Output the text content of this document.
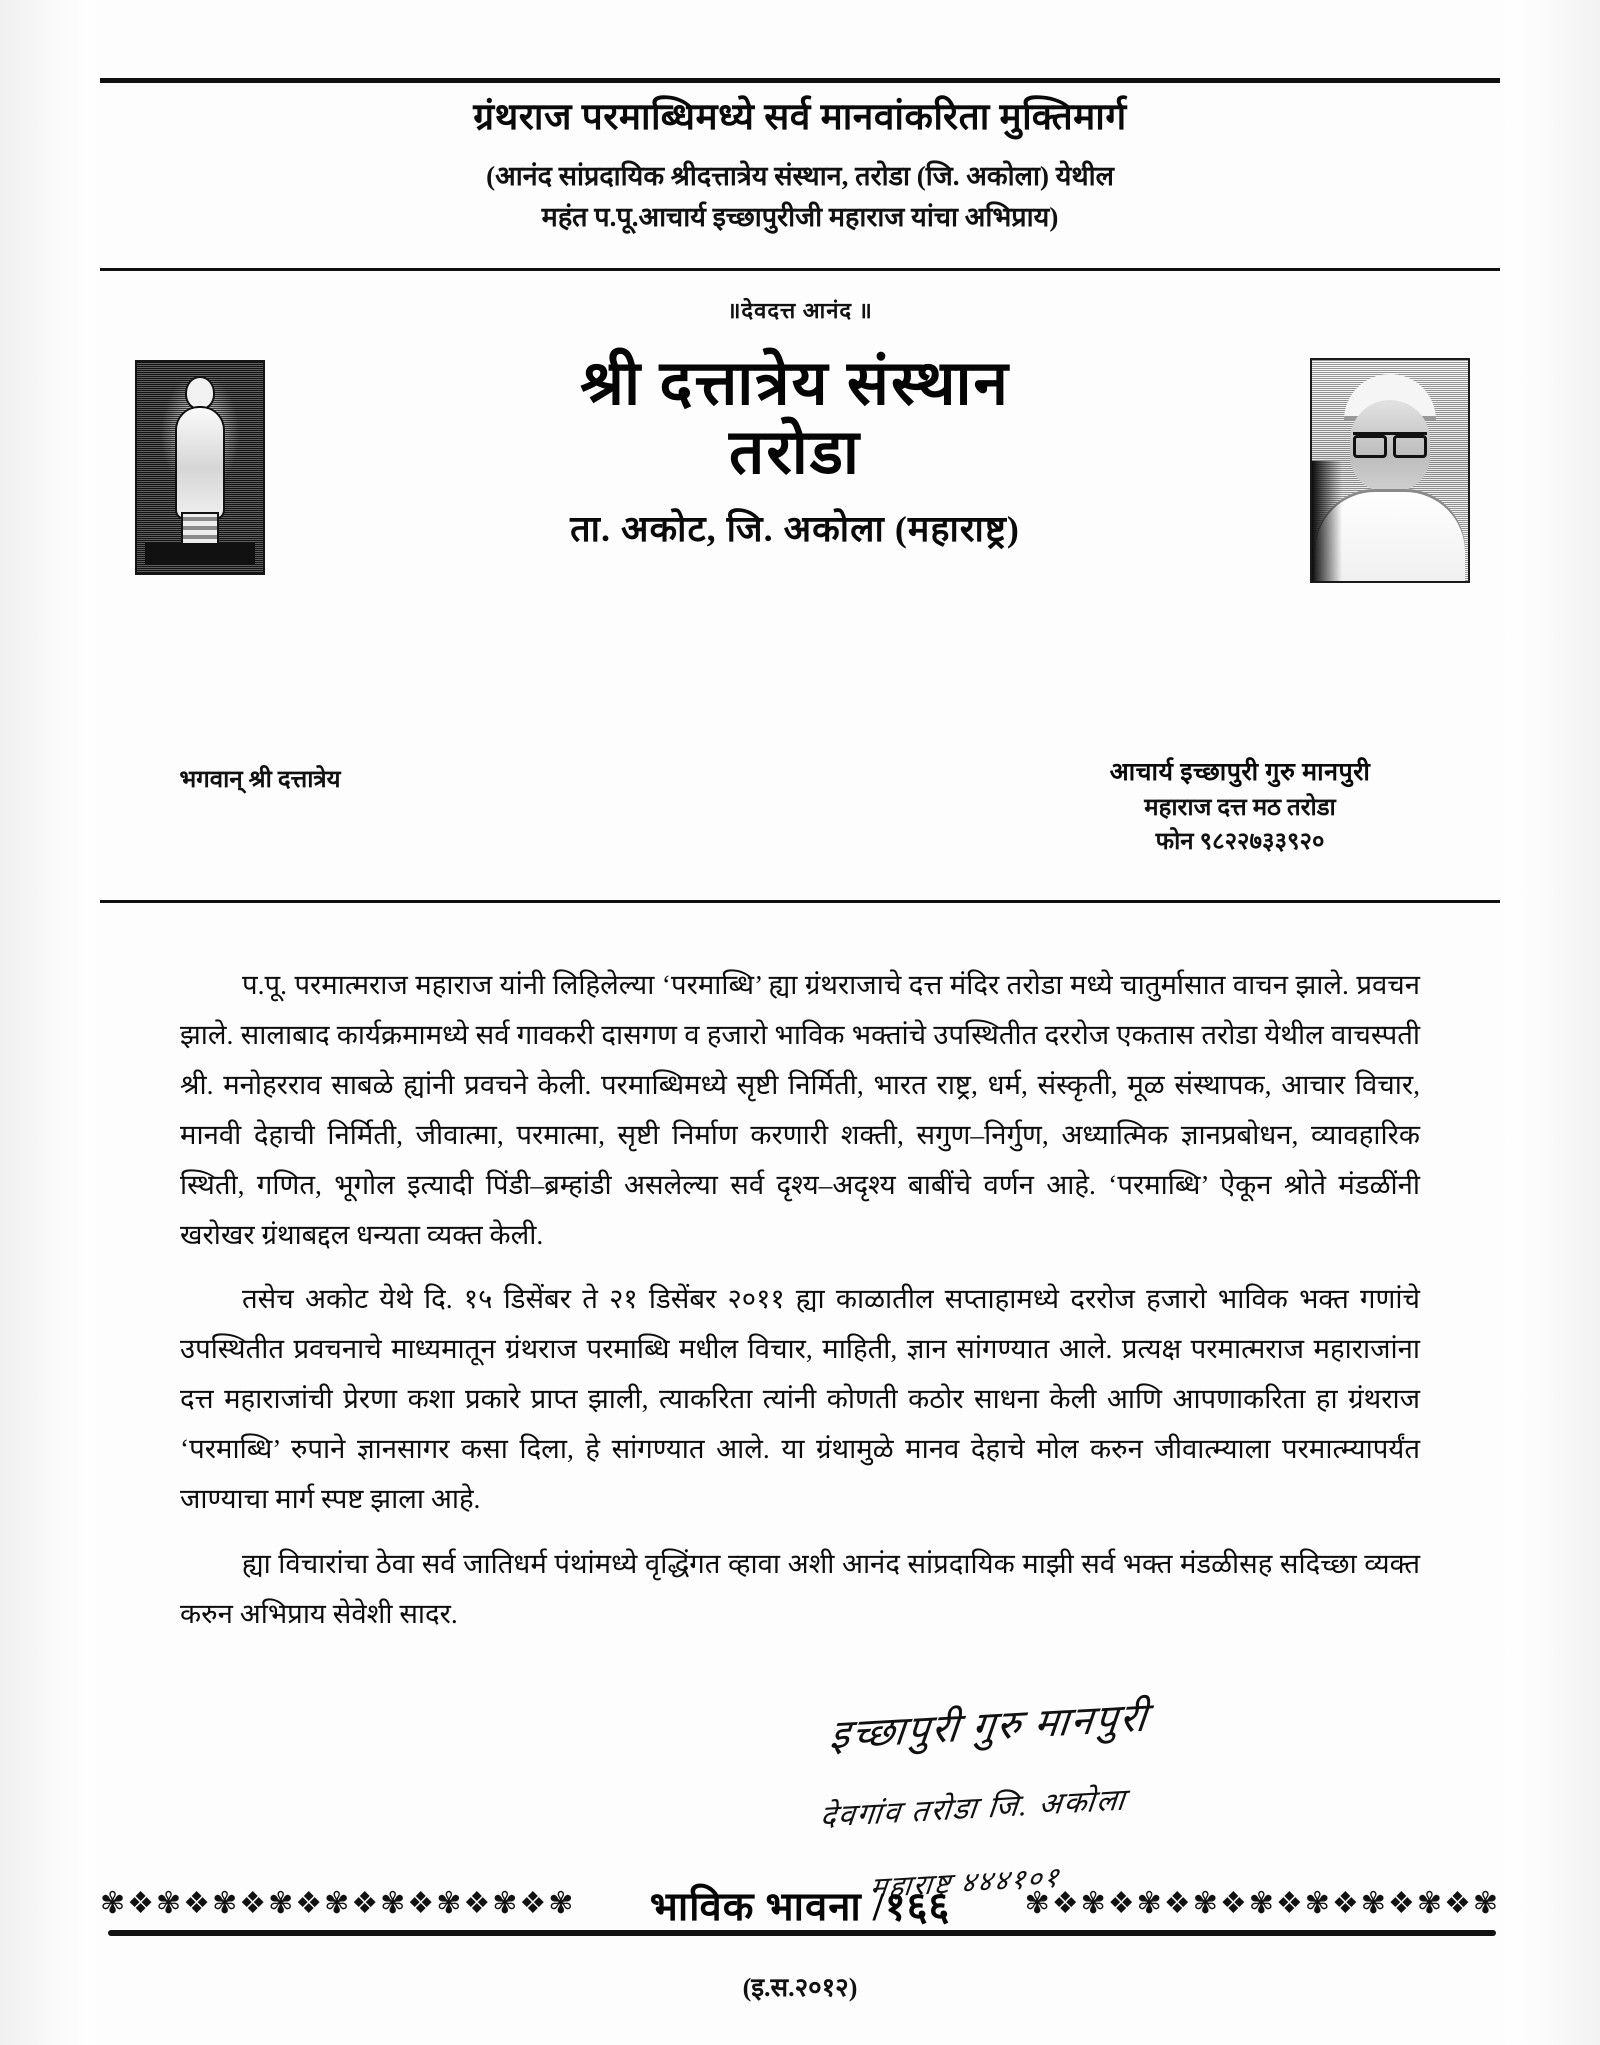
ग्रंथराज परमाब्धिमध्ये सर्व मानवांकरिता मुक्तिमार्ग
(आनंद सांप्रदायिक श्रीदत्तात्रेय संस्थान, तरोडा (जि. अकोला) येथील
महंत प.पू.आचार्य इच्छापुरीजी महाराज यांचा अभिप्राय)
॥देवदत्त आनंद ॥
श्री दत्तात्रेय संस्थान
तरोडा
ता. अकोट, जि. अकोला (महाराष्ट्र)
भगवान् श्री दत्तात्रेय	आचार्य इच्छापुरी गुरु मानपुरी
महाराज दत्त मठ तरोडा
फोन ९८२२७३३९२०

प.पू. परमात्मराज महाराज यांनी लिहिलेल्या ‘परमाब्धि’ ह्या ग्रंथराजाचे दत्त मंदिर तरोडा मध्ये चातुर्मासात वाचन झाले. प्रवचन झाले. सालाबाद कार्यक्रमामध्ये सर्व गावकरी दासगण व हजारो भाविक भक्तांचे उपस्थितीत दररोज एकतास तरोडा येथील वाचस्पती श्री. मनोहरराव साबळे ह्यांनी प्रवचने केली. परमाब्धिमध्ये सृष्टी निर्मिती, भारत राष्ट्र, धर्म, संस्कृती, मूळ संस्थापक, आचार विचार, मानवी देहाची निर्मिती, जीवात्मा, परमात्मा, सृष्टी निर्माण करणारी शक्ती, सगुण–निर्गुण, अध्यात्मिक ज्ञानप्रबोधन, व्यावहारिक स्थिती, गणित, भूगोल इत्यादी पिंडी–ब्रम्हांडी असलेल्या सर्व दृश्य–अदृश्य बाबींचे वर्णन आहे. ‘परमाब्धि’ ऐकून श्रोते मंडळींनी खरोखर ग्रंथाबद्दल धन्यता व्यक्त केली.

तसेच अकोट येथे दि. १५ डिसेंबर ते २१ डिसेंबर २०११ ह्या काळातील सप्ताहामध्ये दररोज हजारो भाविक भक्त गणांचे उपस्थितीत प्रवचनाचे माध्यमातून ग्रंथराज परमाब्धि मधील विचार, माहिती, ज्ञान सांगण्यात आले. प्रत्यक्ष परमात्मराज महाराजांना दत्त महाराजांची प्रेरणा कशा प्रकारे प्राप्त झाली, त्याकरिता त्यांनी कोणती कठोर साधना केली आणि आपणाकरिता हा ग्रंथराज ‘परमाब्धि’ रुपाने ज्ञानसागर कसा दिला, हे सांगण्यात आले. या ग्रंथामुळे मानव देहाचे मोल करुन जीवात्म्याला परमात्म्यापर्यंत जाण्याचा मार्ग स्पष्ट झाला आहे.

ह्या विचारांचा ठेवा सर्व जातिधर्म पंथांमध्ये वृद्धिंगत व्हावा अशी आनंद सांप्रदायिक माझी सर्व भक्त मंडळीसह सदिच्छा व्यक्त करुन अभिप्राय सेवेशी सादर.

इच्छापुरी गुरु मानपुरी
देवगांव तरोडा जि. अकोला
महाराष्ट्र ४४४१०१
✾❖✾❖✾❖✾❖✾❖✾❖✾❖✾❖✾	भाविक भावना /१६६	✾❖✾❖✾❖✾❖✾❖✾❖✾❖✾❖✾
(इ.स.२०१२)
